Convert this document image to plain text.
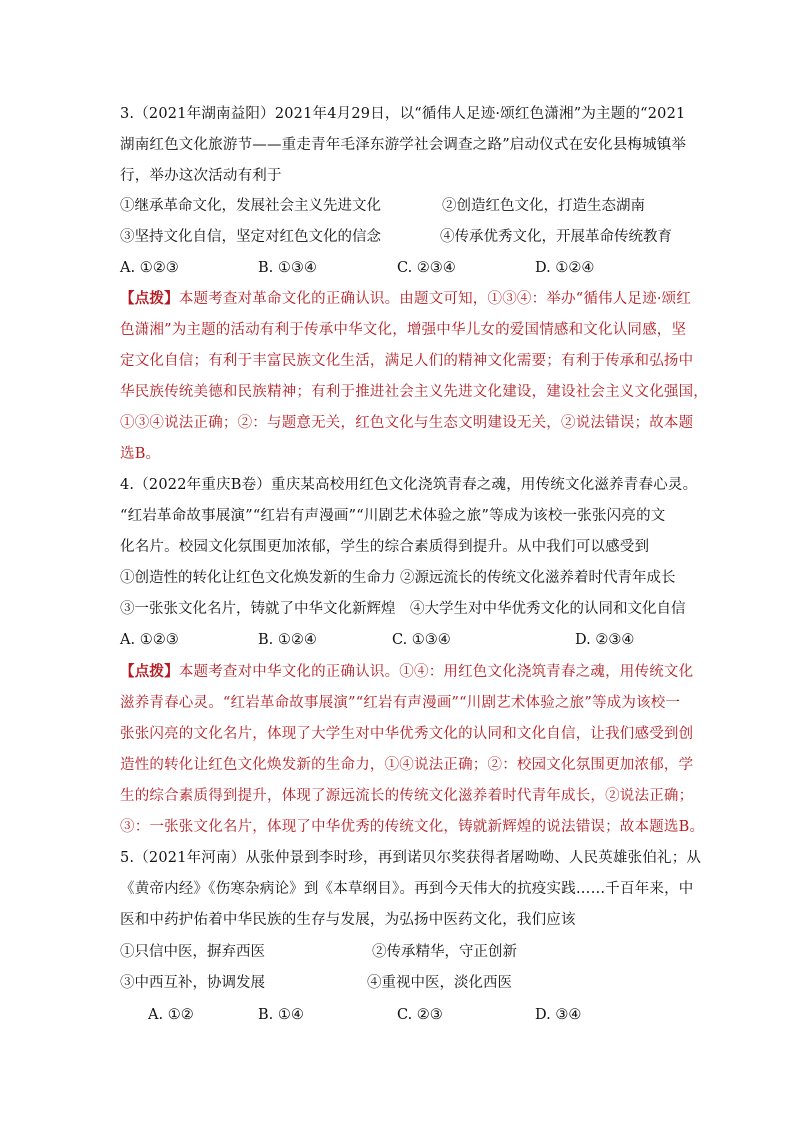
3.（2021年湖南益阳）2021年4月29日，以“循伟人足迹·颂红色潇湘”为主题的“2021
湖南红色文化旅游节——重走青年毛泽东游学社会调查之路”启动仪式在安化县梅城镇举
行，举办这次活动有利于
①继承革命文化，发展社会主义先进文化	②创造红色文化，打造生态湖南
③坚持文化自信，坚定对红色文化的信念	④传承优秀文化，开展革命传统教育
A. ①②③	B. ①③④	C. ②③④	D. ①②④
【点拨】本题考查对革命文化的正确认识。由题文可知，①③④：举办“循伟人足迹·颂红
色潇湘”为主题的活动有利于传承中华文化，增强中华儿女的爱国情感和文化认同感，坚
定文化自信；有利于丰富民族文化生活，满足人们的精神文化需要；有利于传承和弘扬中
华民族传统美德和民族精神；有利于推进社会主义先进文化建设，建设社会主义文化强国，
①③④说法正确；②：与题意无关，红色文化与生态文明建设无关，②说法错误；故本题
选B。
4.（2022年重庆B卷）重庆某高校用红色文化浇筑青春之魂，用传统文化滋养青春心灵。
“红岩革命故事展演”“红岩有声漫画”“川剧艺术体验之旅”等成为该校一张张闪亮的文
化名片。校园文化氛围更加浓郁，学生的综合素质得到提升。从中我们可以感受到
①创造性的转化让红色文化焕发新的生命力 ②源远流长的传统文化滋养着时代青年成长
③一张张文化名片，铸就了中华文化新辉煌 ④大学生对中华优秀文化的认同和文化自信
A. ①②③	B. ①②④	C. ①③④	D. ②③④
【点拨】本题考查对中华文化的正确认识。①④：用红色文化浇筑青春之魂，用传统文化
滋养青春心灵。“红岩革命故事展演”“红岩有声漫画”“川剧艺术体验之旅”等成为该校一
张张闪亮的文化名片，体现了大学生对中华优秀文化的认同和文化自信，让我们感受到创
造性的转化让红色文化焕发新的生命力，①④说法正确；②：校园文化氛围更加浓郁，学
生的综合素质得到提升，体现了源远流长的传统文化滋养着时代青年成长，②说法正确；
③：一张张文化名片，体现了中华优秀的传统文化，铸就新辉煌的说法错误；故本题选B。
5.（2021年河南）从张仲景到李时珍，再到诺贝尔奖获得者屠呦呦、人民英雄张伯礼；从
《黄帝内经》《伤寒杂病论》到《本草纲目》。再到今天伟大的抗疫实践……千百年来，中
医和中药护佑着中华民族的生存与发展，为弘扬中医药文化，我们应该
①只信中医，摒弃西医	②传承精华，守正创新
③中西互补，协调发展	④重视中医，淡化西医
A. ①②	B. ①④	C. ②③	D. ③④
